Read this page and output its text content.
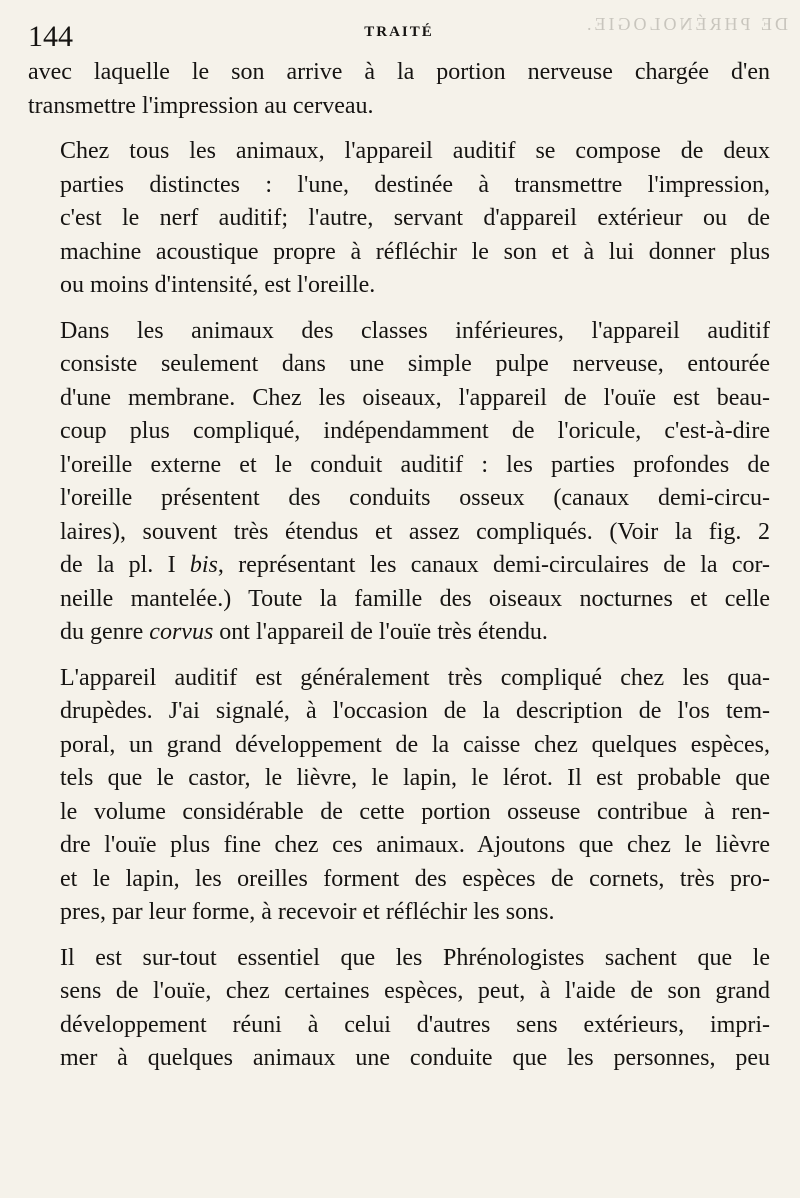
DE PHRÉNOLOGIE.
144	TRAITÉ

avec laquelle le son arrive à la portion nerveuse chargée d'en
transmettre l'impression au cerveau.

Chez tous les animaux, l'appareil auditif se compose de deux
parties distinctes : l'une, destinée à transmettre l'impression,
c'est le nerf auditif; l'autre, servant d'appareil extérieur ou de
machine acoustique propre à réfléchir le son et à lui donner plus
ou moins d'intensité, est l'oreille.

Dans les animaux des classes inférieures, l'appareil auditif
consiste seulement dans une simple pulpe nerveuse, entourée
d'une membrane. Chez les oiseaux, l'appareil de l'ouïe est beau-
coup plus compliqué, indépendamment de l'oricule, c'est-à-dire
l'oreille externe et le conduit auditif : les parties profondes de
l'oreille présentent des conduits osseux (canaux demi-circu-
laires), souvent très étendus et assez compliqués. (Voir la fig. 2
de la pl. I bis, représentant les canaux demi-circulaires de la cor-
neille mantelée.) Toute la famille des oiseaux nocturnes et celle
du genre corvus ont l'appareil de l'ouïe très étendu.

L'appareil auditif est généralement très compliqué chez les qua-
drupèdes. J'ai signalé, à l'occasion de la description de l'os tem-
poral, un grand développement de la caisse chez quelques espèces,
tels que le castor, le lièvre, le lapin, le lérot. Il est probable que
le volume considérable de cette portion osseuse contribue à ren-
dre l'ouïe plus fine chez ces animaux. Ajoutons que chez le lièvre
et le lapin, les oreilles forment des espèces de cornets, très pro-
pres, par leur forme, à recevoir et réfléchir les sons.

Il est sur-tout essentiel que les Phrénologistes sachent que le
sens de l'ouïe, chez certaines espèces, peut, à l'aide de son grand
développement réuni à celui d'autres sens extérieurs, impri-
mer à quelques animaux une conduite que les personnes, peu
